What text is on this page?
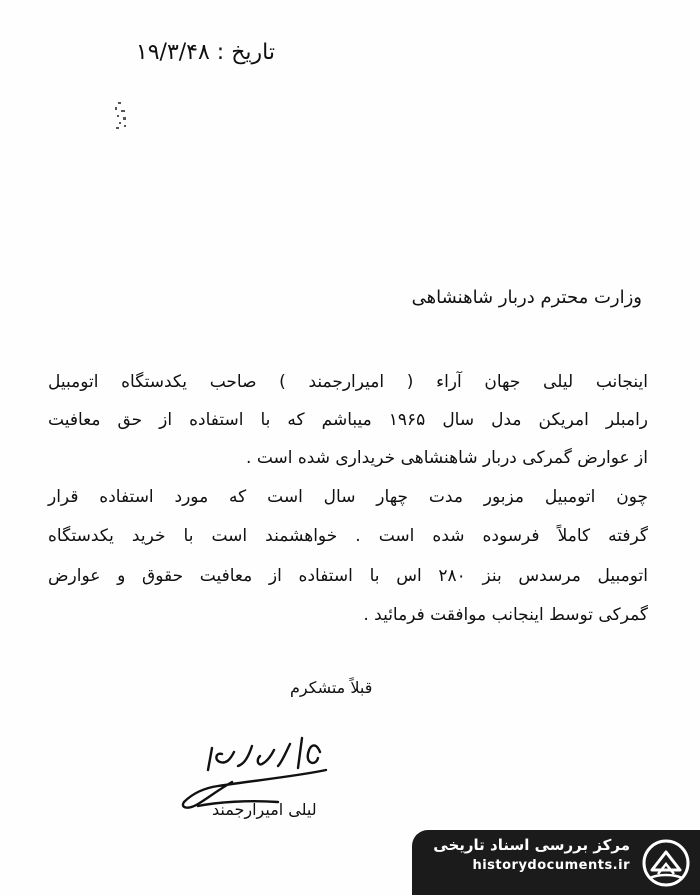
تاریخ : ۱۹/۳/۴۸
وزارت محترم دربار شاهنشاهی
اینجانب لیلی جهان آراء ( امیرارجمند ) صاحب یکدستگاه اتومبیل
رامبلر امریکن مدل سال ۱۹۶۵ میباشم که با استفاده از حق معافیت
از عوارض گمرکی دربار شاهنشاهی خریداری شده است .
چون اتومبیل مزبور مدت چهار سال است که مورد استفاده قرار
گرفته کاملاً فرسوده شده است . خواهشمند است با خرید یکدستگاه
اتومبیل مرسدس بنز ۲۸۰ اس با استفاده از معافیت حقوق و عوارض
گمرکی توسط اینجانب موافقت فرمائید .
قبلاً متشکرم
لیلی امیرارجمند
مرکز بررسی اسناد تاریخی
historydocuments.ir
